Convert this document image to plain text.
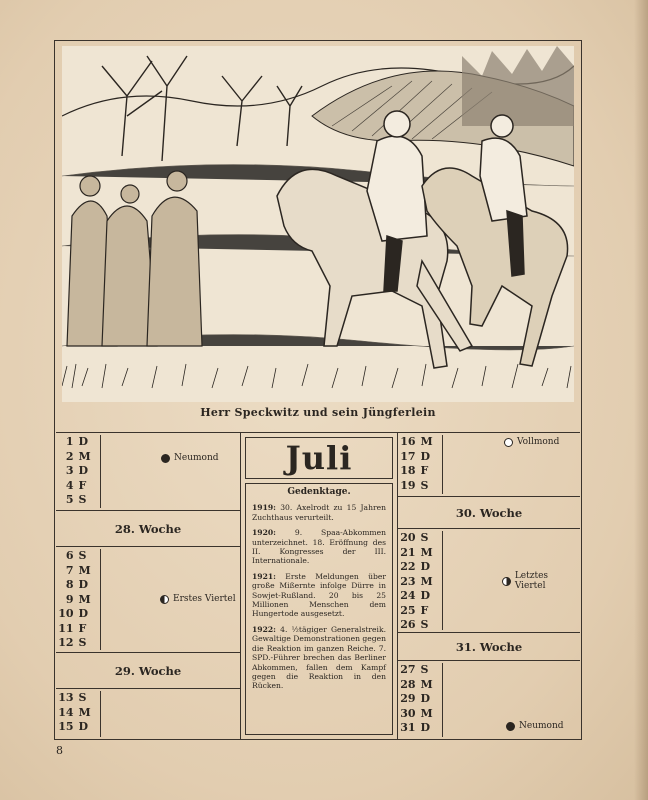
Herr Speckwitz und sein Jüngferlein
1 D
2 M
3 D
4 F
5 S
Neumond
28. Woche
6 S
7 M
8 D
9 M
10 D
11 F
12 S
Erstes Viertel
29. Woche
13 S
14 M
15 D
Juli
Gedenktage.

1919: 30. Axelrodt zu 15 Jahren Zuchthaus verurteilt.

1920: 9. Spaa-Abkommen unterzeichnet. 18. Eröffnung des II. Kongresses der III. Internationale.

1921: Erste Meldungen über große Mißernte infolge Dürre in Sowjet-Rußland. 20 bis 25 Millionen Menschen dem Hungertode ausgesetzt.

1922: 4. ½tägiger Generalstreik. Gewaltige Demonstrationen gegen die Reaktion im ganzen Reiche. 7. SPD.-Führer brechen das Berliner Abkommen, fallen dem Kampf gegen die Reaktion in den Rücken.

16 M
17 D
18 F
19 S
Vollmond
30. Woche
20 S
21 M
22 D
23 M
24 D
25 F
26 S
Letztes Viertel
31. Woche
27 S
28 M
29 D
30 M
31 D	Neumond
8
